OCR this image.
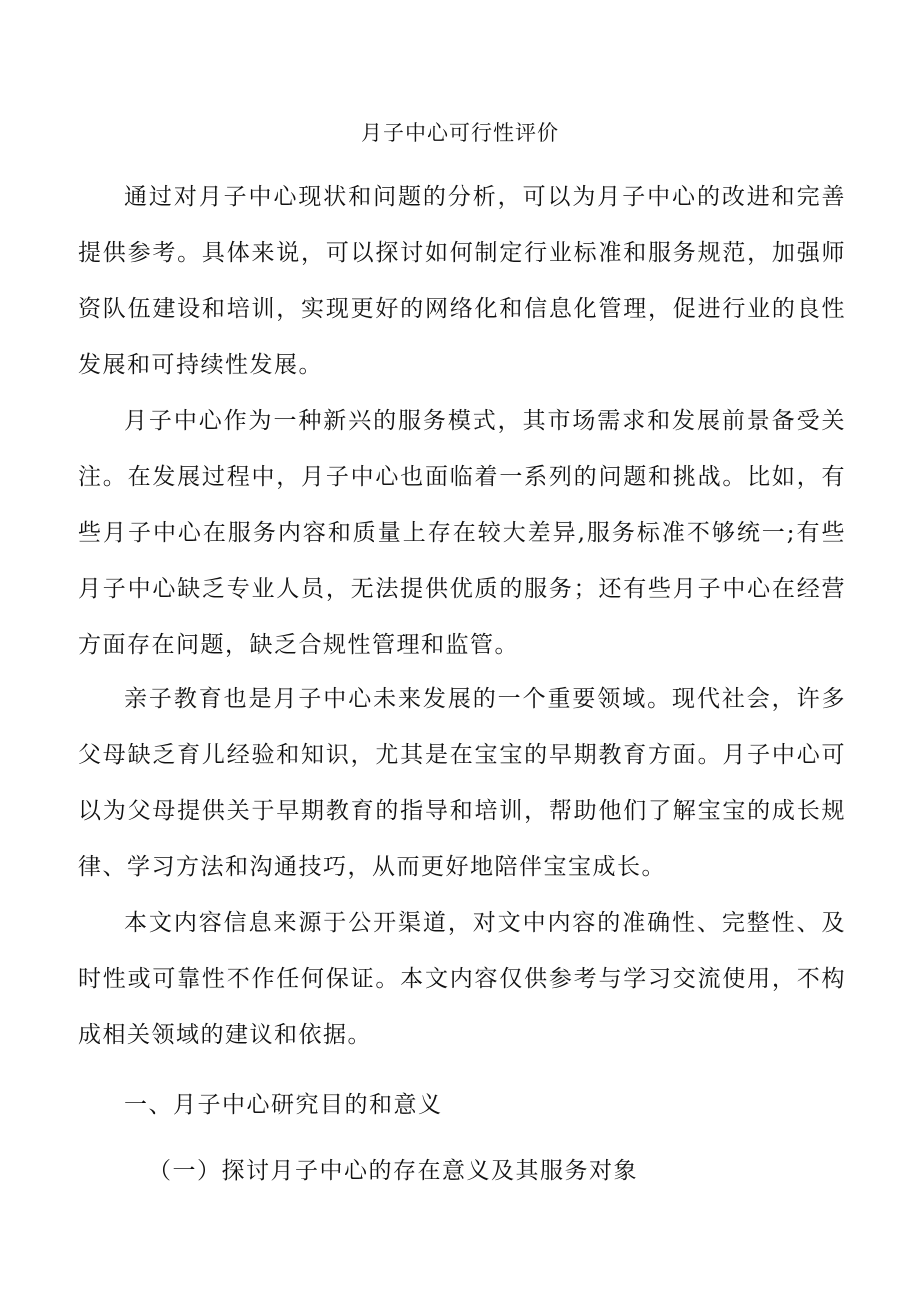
月子中心可行性评价

通过对月子中心现状和问题的分析，可以为月子中心的改进和完善提供参考。具体来说，可以探讨如何制定行业标准和服务规范，加强师资队伍建设和培训，实现更好的网络化和信息化管理，促进行业的良性发展和可持续性发展。

月子中心作为一种新兴的服务模式，其市场需求和发展前景备受关注。在发展过程中，月子中心也面临着一系列的问题和挑战。比如，有些月子中心在服务内容和质量上存在较大差异,服务标准不够统一;有些月子中心缺乏专业人员，无法提供优质的服务；还有些月子中心在经营方面存在问题，缺乏合规性管理和监管。

亲子教育也是月子中心未来发展的一个重要领域。现代社会，许多父母缺乏育儿经验和知识，尤其是在宝宝的早期教育方面。月子中心可以为父母提供关于早期教育的指导和培训，帮助他们了解宝宝的成长规律、学习方法和沟通技巧，从而更好地陪伴宝宝成长。

本文内容信息来源于公开渠道，对文中内容的准确性、完整性、及时性或可靠性不作任何保证。本文内容仅供参考与学习交流使用，不构成相关领域的建议和依据。

一、月子中心研究目的和意义
（一）探讨月子中心的存在意义及其服务对象
